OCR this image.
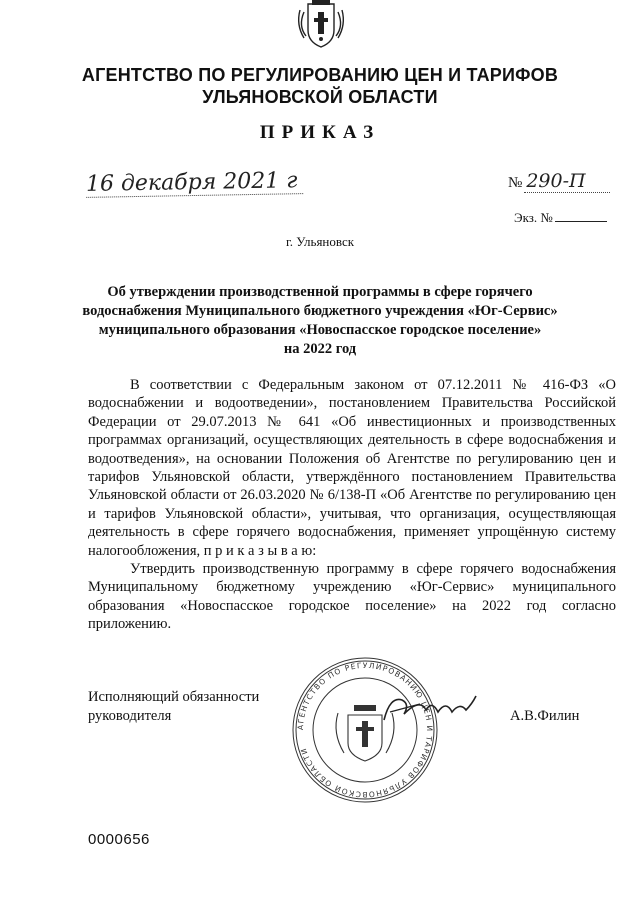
АГЕНТСТВО ПО РЕГУЛИРОВАНИЮ ЦЕН И ТАРИФОВ
УЛЬЯНОВСКОЙ ОБЛАСТИ
ПРИКАЗ
16 декабря 2021 г	№ 290-П
Экз. №
г. Ульяновск
Об утверждении производственной программы в сфере горячего
водоснабжения Муниципального бюджетного учреждения «Юг-Сервис»
муниципального образования «Новоспасское городское поселение»
на 2022 год

В соответствии с Федеральным законом от 07.12.2011 № 416-ФЗ «О водоснабжении и водоотведении», постановлением Правительства Российской Федерации от 29.07.2013 № 641 «Об инвестиционных и производственных программах организаций, осуществляющих деятельность в сфере водоснабжения и водоотведения», на основании Положения об Агентстве по регулированию цен и тарифов Ульяновской области, утверждённого постановлением Правительства Ульяновской области от 26.03.2020 № 6/138-П «Об Агентстве по регулированию цен и тарифов Ульяновской области», учитывая, что организация, осуществляющая деятельность в сфере горячего водоснабжения, применяет упрощённую систему налогообложения, п р и к а з ы в а ю:

Утвердить производственную программу в сфере горячего водоснабжения Муниципальному бюджетному учреждению «Юг-Сервис» муниципального образования «Новоспасское городское поселение» на 2022 год согласно приложению.

Исполняющий обязанности
руководителя
АГЕНТСТВО ПО РЕГУЛИРОВАНИЮ ЦЕН И ТАРИФОВ УЛЬЯНОВСКОЙ ОБЛАСТИ
А.В.Филин
0000656
